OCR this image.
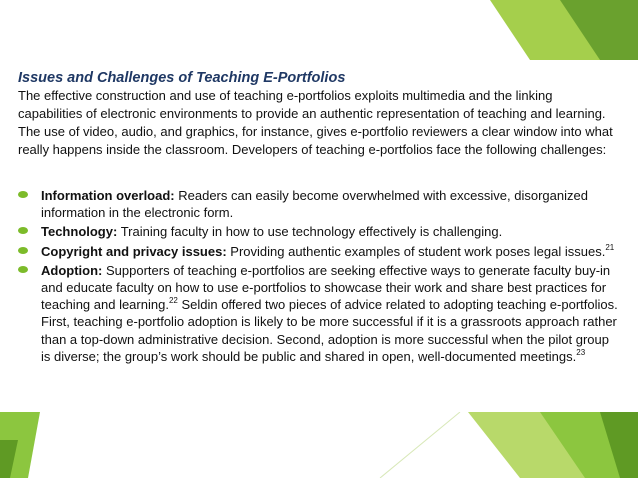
Issues and Challenges of Teaching E-Portfolios

The effective construction and use of teaching e-portfolios exploits multimedia and the linking capabilities of electronic environments to provide an authentic representation of teaching and learning. The use of video, audio, and graphics, for instance, gives e-portfolio reviewers a clear window into what really happens inside the classroom. Developers of teaching e-portfolios face the following challenges:

Information overload: Readers can easily become overwhelmed with excessive, disorganized information in the electronic form.
Technology: Training faculty in how to use technology effectively is challenging.
Copyright and privacy issues: Providing authentic examples of student work poses legal issues.$^{21}$
Adoption: Supporters of teaching e-portfolios are seeking effective ways to generate faculty buy-in and educate faculty on how to use e-portfolios to showcase their work and share best practices for teaching and learning.$^{22}$ Seldin offered two pieces of advice related to adopting teaching e-portfolios. First, teaching e-portfolio adoption is likely to be more successful if it is a grassroots approach rather than a top-down administrative decision. Second, adoption is more successful when the pilot group is diverse; the group’s work should be public and shared in open, well-documented meetings.$^{23}$
